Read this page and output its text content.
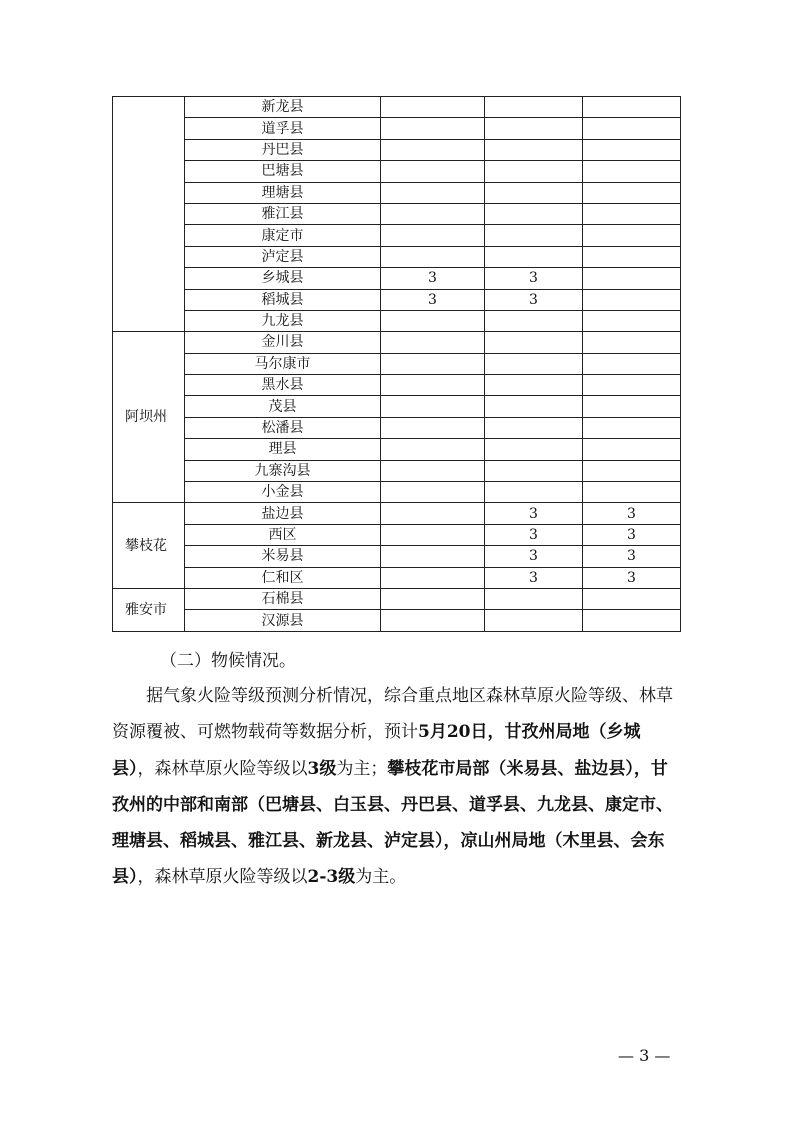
	新龙县			
	道孚县			
	丹巴县			
	巴塘县			
	理塘县			
	雅江县			
	康定市			
	泸定县			
	乡城县	3	3	
	稻城县	3	3	
	九龙县			
阿坝州	金川县			
	马尔康市			
	黑水县			
	茂县			
	松潘县			
	理县			
	九寨沟县			
	小金县			
攀枝花	盐边县		3	3
	西区		3	3
	米易县		3	3
	仁和区		3	3
雅安市	石棉县			
	汉源县			

（二）物候情况。

据气象火险等级预测分析情况，综合重点地区森林草原火险等级、林草资源覆被、可燃物载荷等数据分析，预计5月20日，甘孜州局地（乡城县），森林草原火险等级以3级为主；攀枝花市局部（米易县、盐边县），甘孜州的中部和南部（巴塘县、白玉县、丹巴县、道孚县、九龙县、康定市、理塘县、稻城县、雅江县、新龙县、泸定县），凉山州局地（木里县、会东县），森林草原火险等级以2-3级为主。

— 3 —
